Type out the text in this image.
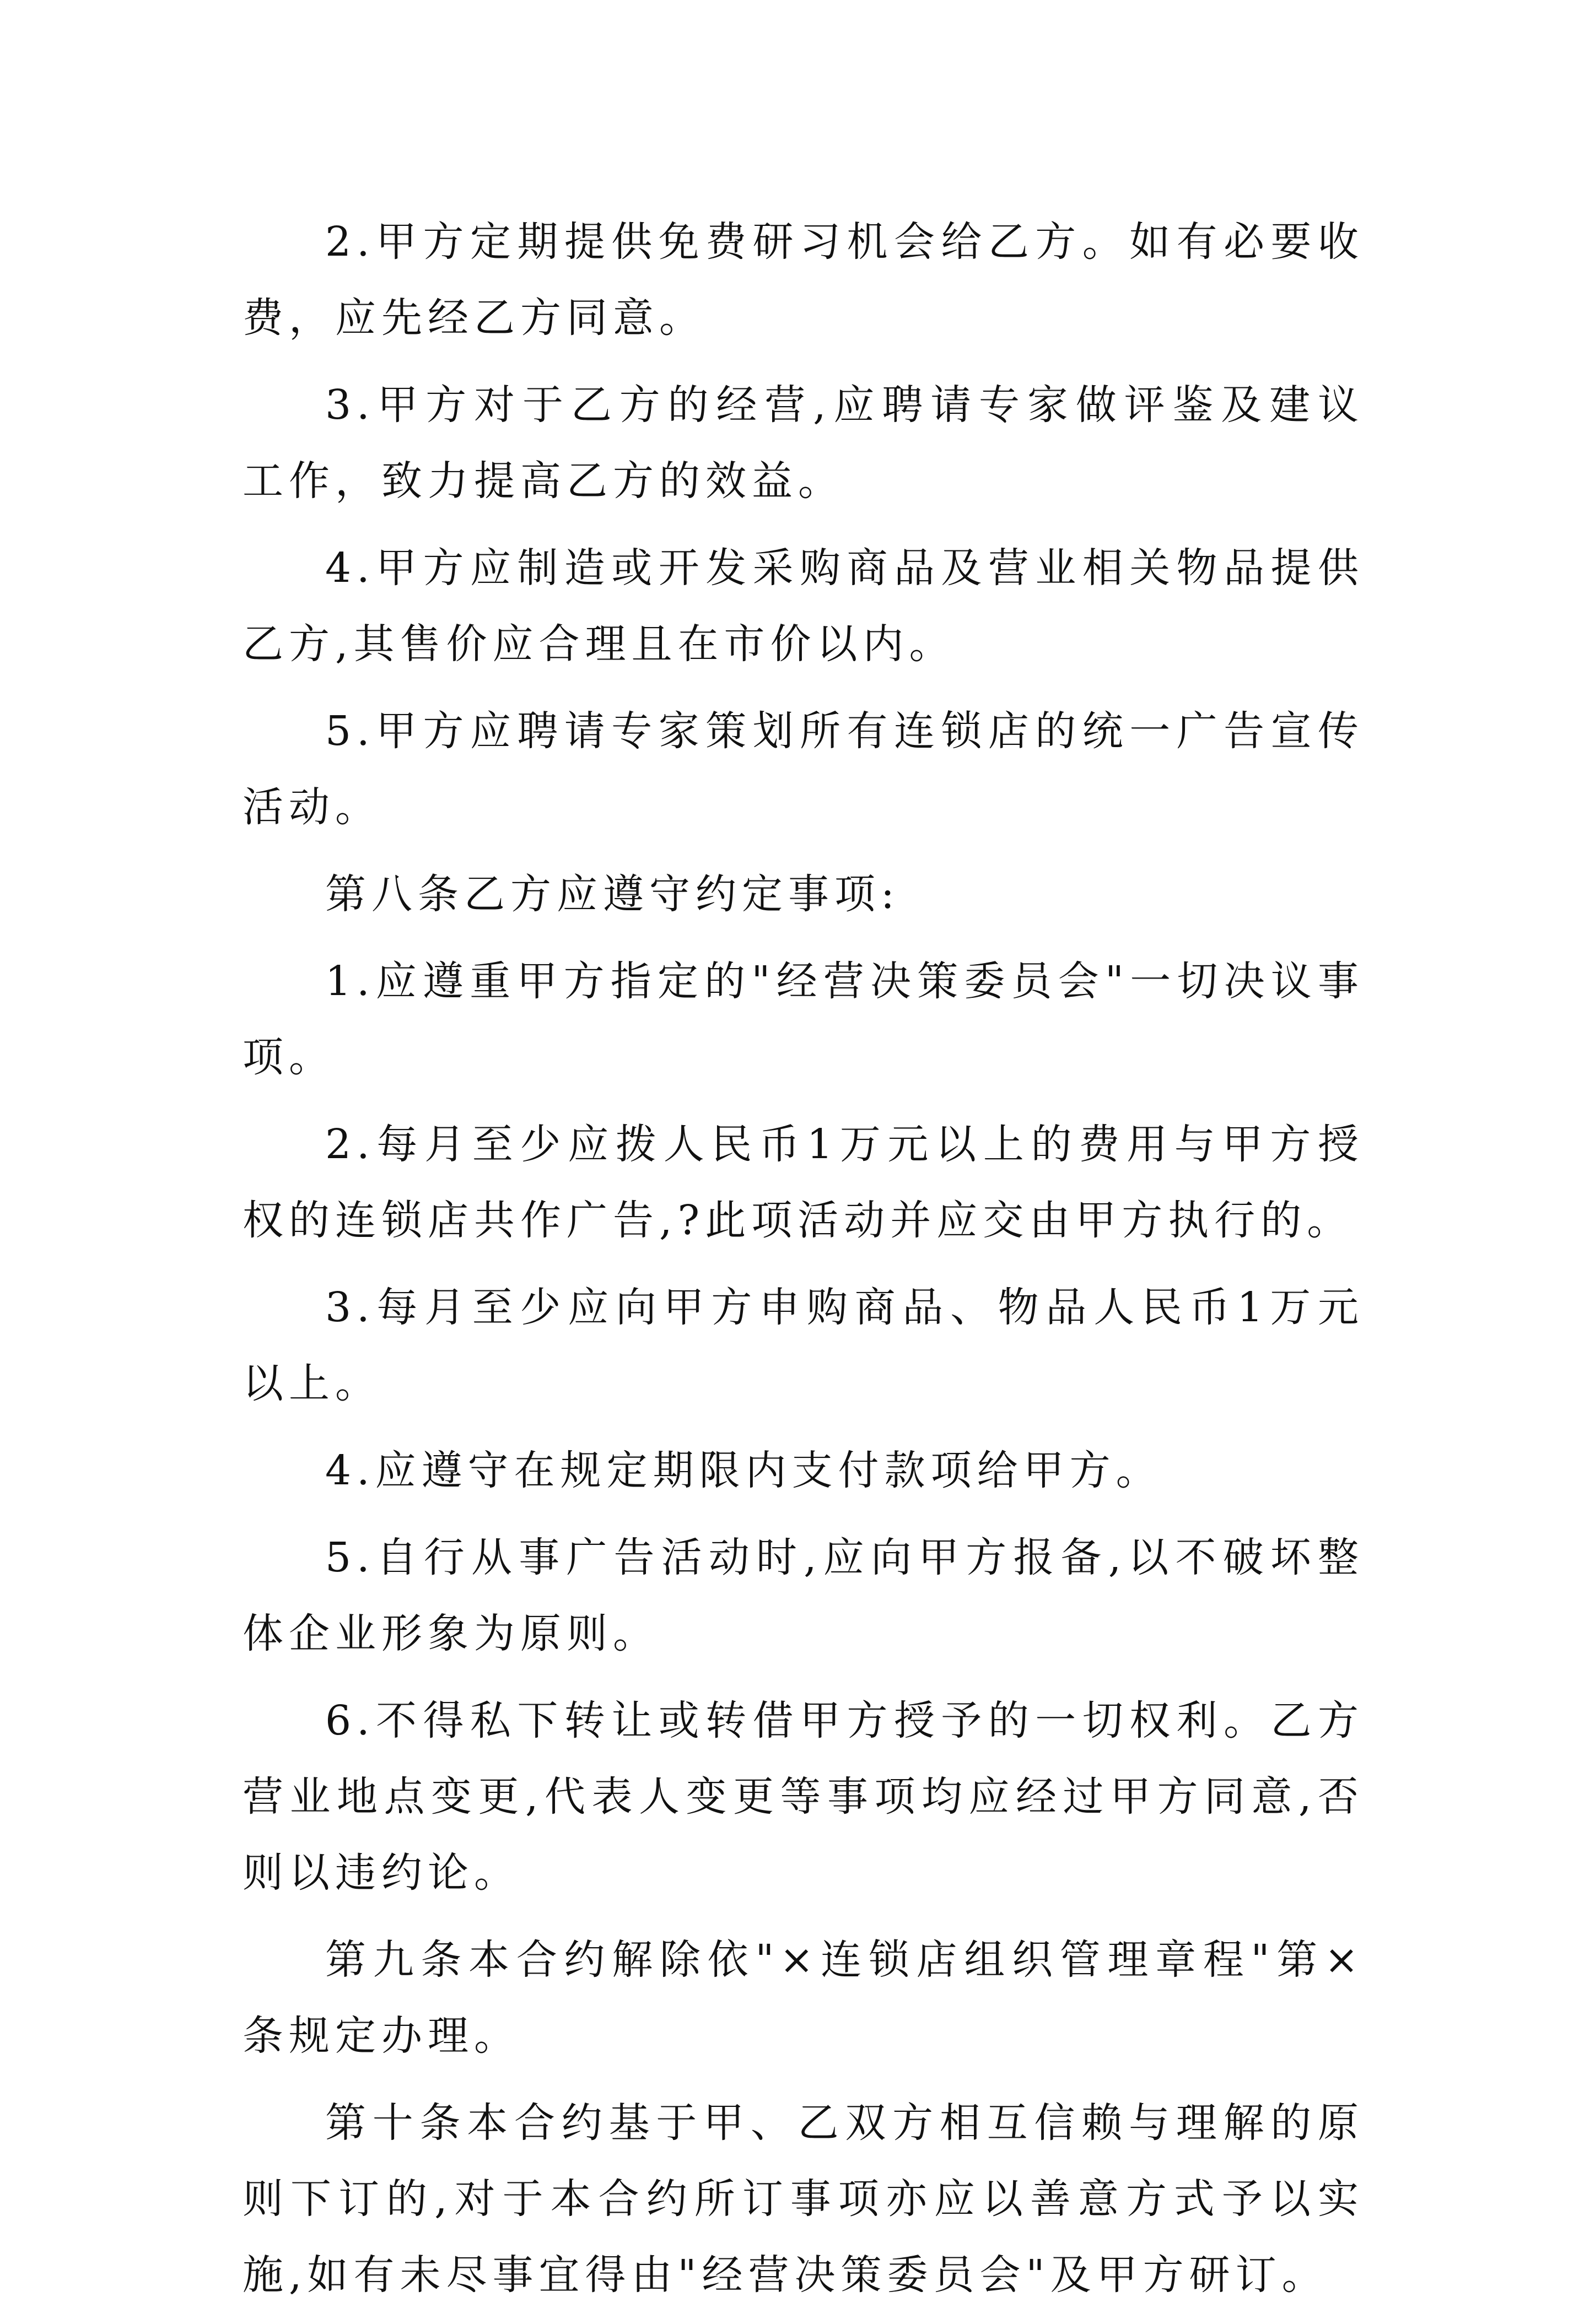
2.甲方定期提供免费研习机会给乙方。如有必要收费，应先经乙方同意。

3.甲方对于乙方的经营,应聘请专家做评鉴及建议工作，致力提高乙方的效益。

4.甲方应制造或开发采购商品及营业相关物品提供乙方,其售价应合理且在市价以内。

5.甲方应聘请专家策划所有连锁店的统一广告宣传活动。

第八条乙方应遵守约定事项:

1.应遵重甲方指定的"经营决策委员会"一切决议事项。

2.每月至少应拨人民币1万元以上的费用与甲方授权的连锁店共作广告,?此项活动并应交由甲方执行的。

3.每月至少应向甲方申购商品、物品人民币1万元以上。

4.应遵守在规定期限内支付款项给甲方。

5.自行从事广告活动时,应向甲方报备,以不破坏整体企业形象为原则。

6.不得私下转让或转借甲方授予的一切权利。乙方营业地点变更,代表人变更等事项均应经过甲方同意,否则以违约论。

第九条本合约解除依"×连锁店组织管理章程"第×条规定办理。

第十条本合约基于甲、乙双方相互信赖与理解的原则下订的,对于本合约所订事项亦应以善意方式予以实施,如有未尽事宜得由"经营决策委员会"及甲方研订。
